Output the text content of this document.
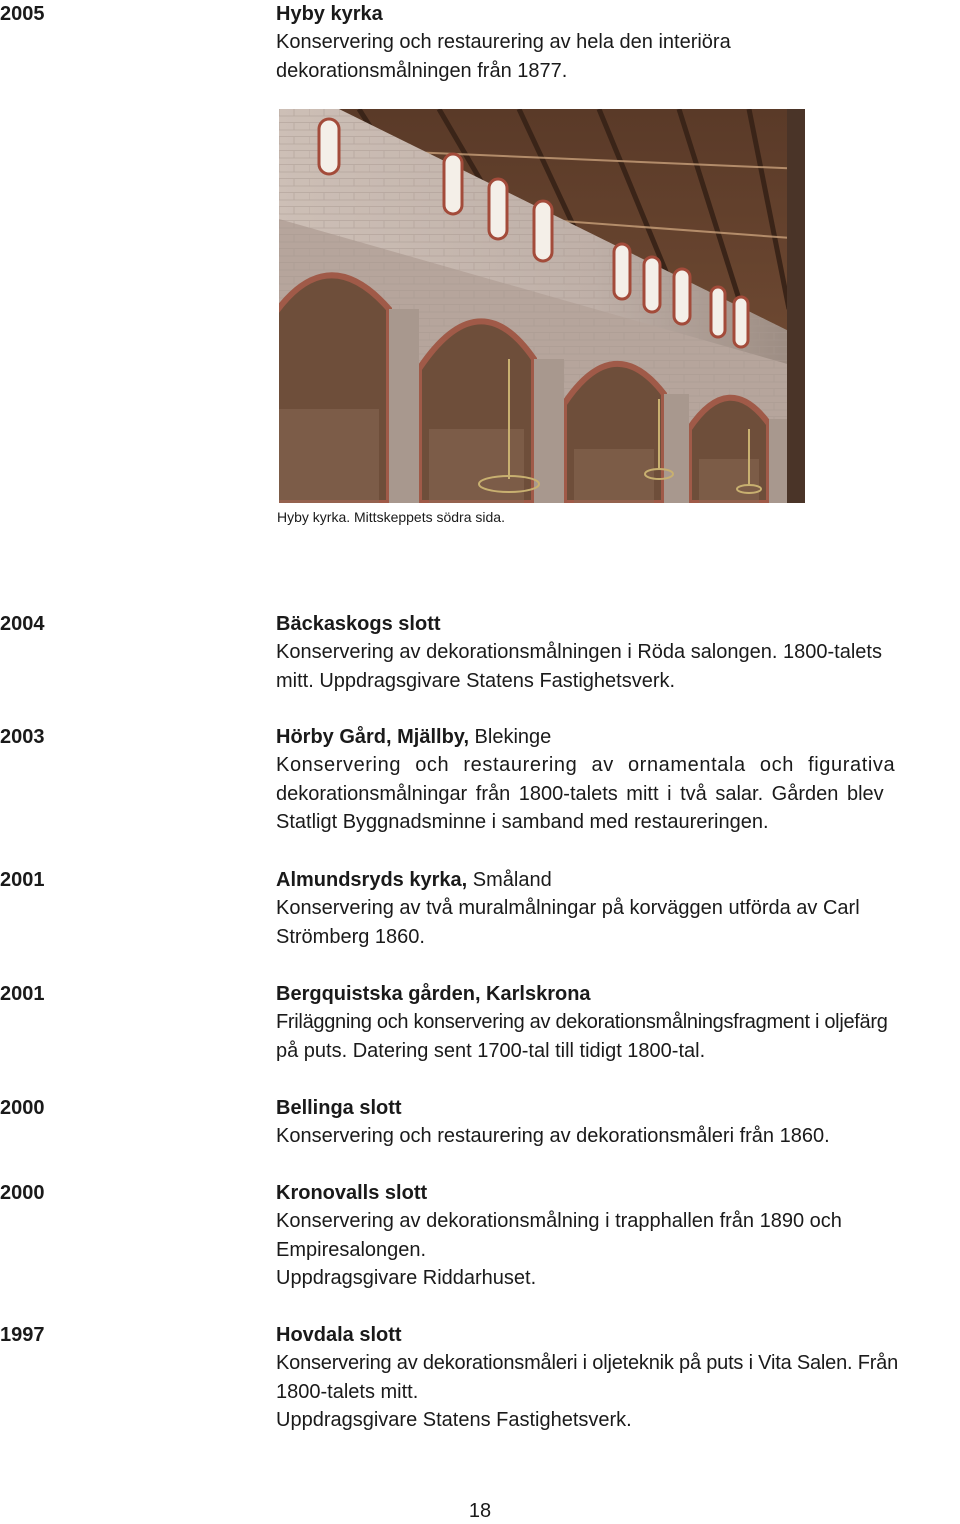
2005	Hyby kyrka
Konservering och restaurering av hela den interiöra
dekorationsmålningen från 1877.
Hyby kyrka. Mittskeppets södra sida.
2004	Bäckaskogs slott
Konservering av dekorationsmålningen i Röda salongen. 1800-talets
mitt. Uppdragsgivare Statens Fastighetsverk.
2003	Hörby Gård, Mjällby, Blekinge
Konservering och restaurering av ornamentala och figurativa
dekorationsmålningar från 1800-talets mitt i två salar. Gården blev
Statligt Byggnadsminne i samband med restaureringen.
2001	Almundsryds kyrka, Småland
Konservering av två muralmålningar på korväggen utförda av Carl
Strömberg 1860.
2001	Bergquistska gården, Karlskrona
Friläggning och konservering av dekorationsmålningsfragment i oljefärg
på puts. Datering sent 1700-tal till tidigt 1800-tal.
2000	Bellinga slott
Konservering och restaurering av dekorationsmåleri från 1860.
2000	Kronovalls slott
Konservering av dekorationsmålning i trapphallen från 1890 och
Empiresalongen.
Uppdragsgivare Riddarhuset.
1997	Hovdala slott
Konservering av dekorationsmåleri i oljeteknik på puts i Vita Salen. Från
1800-talets mitt.
Uppdragsgivare Statens Fastighetsverk.
18
